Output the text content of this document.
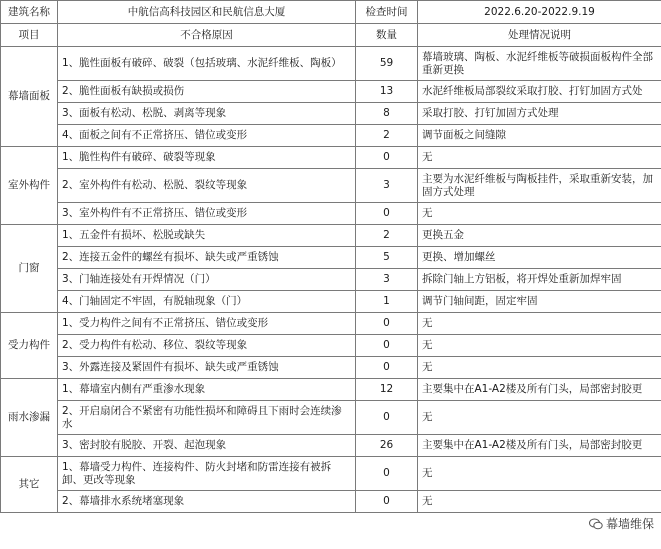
建筑名称	中航信高科技园区和民航信息大厦	检查时间	2022.6.20-2022.9.19
项目	不合格原因	数量	处理情况说明
幕墙面板	1、脆性面板有破碎、破裂（包括玻璃、水泥纤维板、陶板）	59	幕墙玻璃、陶板、水泥纤维板等破损面板构件全部重新更换
	2、脆性面板有缺损或损伤	13	水泥纤维板局部裂纹采取打胶、打钉加固方式处
	3、面板有松动、松脱、剥离等现象	8	采取打胶、打钉加固方式处理
	4、面板之间有不正常挤压、错位或变形	2	调节面板之间缝隙
室外构件	1、脆性构件有破碎、破裂等现象	0	无
	2、室外构件有松动、松脱、裂纹等现象	3	主要为水泥纤维板与陶板挂件，采取重新安装，加固方式处理
	3、室外构件有不正常挤压、错位或变形	0	无
门窗	1、五金件有损坏、松脱或缺失	2	更换五金
	2、连接五金件的螺丝有损坏、缺失或严重锈蚀	5	更换、增加螺丝
	3、门轴连接处有开焊情况（门）	3	拆除门轴上方铝板，将开焊处重新加焊牢固
	4、门轴固定不牢固，有脱轴现象（门）	1	调节门轴间距，固定牢固
受力构件	1、受力构件之间有不正常挤压、错位或变形	0	无
	2、受力构件有松动、移位、裂纹等现象	0	无
	3、外露连接及紧固件有损坏、缺失或严重锈蚀	0	无
雨水渗漏	1、幕墙室内侧有严重渗水现象	12	主要集中在A1-A2楼及所有门头，局部密封胶更
	2、开启扇闭合不紧密有功能性损坏和障碍且下雨时会连续渗水	0	无
	3、密封胶有脱胶、开裂、起泡现象	26	主要集中在A1-A2楼及所有门头，局部密封胶更
其它	1、幕墙受力构件、连接构件、防火封堵和防雷连接有被拆卸、更改等现象	0	无
	2、幕墙排水系统堵塞现象	0	无
幕墙维保
